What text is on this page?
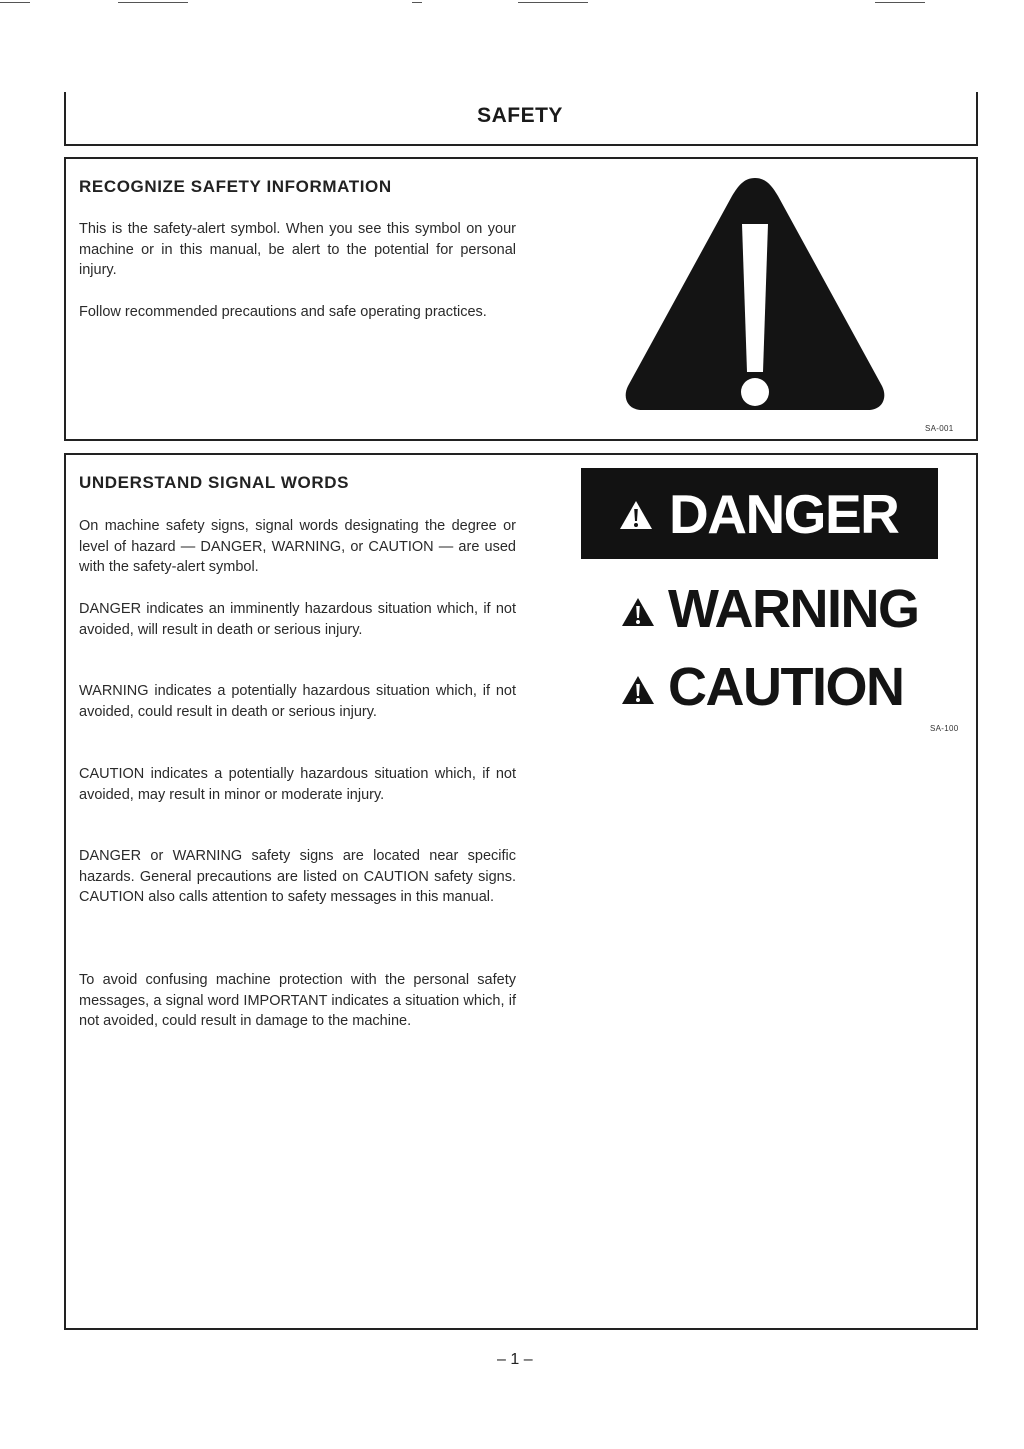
SAFETY
RECOGNIZE SAFETY INFORMATION

This is the safety-alert symbol. When you see this symbol on your machine or in this manual, be alert to the potential for personal injury.

Follow recommended precautions and safe operating practices.

SA-001
UNDERSTAND SIGNAL WORDS

On machine safety signs, signal words designating the degree or level of hazard — DANGER, WARNING, or CAUTION — are used with the safety-alert symbol.

DANGER indicates an imminently hazardous situation which, if not avoided, will result in death or serious injury.

WARNING indicates a potentially hazardous situation which, if not avoided, could result in death or serious injury.

CAUTION indicates a potentially hazardous situation which, if not avoided, may result in minor or moderate injury.

DANGER or WARNING safety signs are located near specific hazards. General precautions are listed on CAUTION safety signs. CAUTION also calls attention to safety messages in this manual.

To avoid confusing machine protection with the personal safety messages, a signal word IMPORTANT indicates a situation which, if not avoided, could result in damage to the machine.

DANGER
WARNING
CAUTION
SA-100
– 1 –
